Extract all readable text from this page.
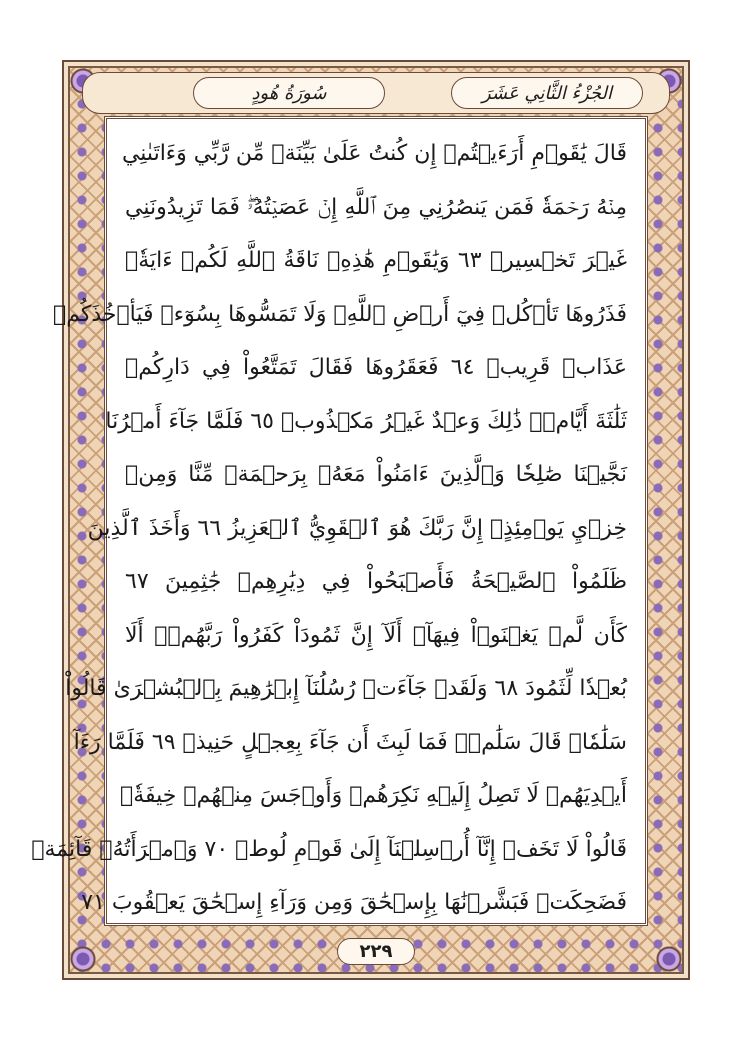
الجُزْءُ الثَّانِي عَشَرَ
سُورَةُ هُودٍ
قَالَ يَٰقَوۡمِ أَرَءَيۡتُمۡ إِن كُنتُ عَلَىٰ بَيِّنَةٖ مِّن رَّبِّي وَءَاتَىٰنِي
مِنۡهُ رَحۡمَةٗ فَمَن يَنصُرُنِي مِنَ ٱللَّهِ إِنۡ عَصَيۡتُهُۥۖ فَمَا تَزِيدُونَنِي
غَيۡرَ تَخۡسِيرٖ ٦٣ وَيَٰقَوۡمِ هَٰذِهِۦ نَاقَةُ ٱللَّهِ لَكُمۡ ءَايَةٗۖ
فَذَرُوهَا تَأۡكُلۡ فِيٓ أَرۡضِ ٱللَّهِۖ وَلَا تَمَسُّوهَا بِسُوٓءٖ فَيَأۡخُذَكُمۡ
عَذَابٞ قَرِيبٞ ٦٤ فَعَقَرُوهَا فَقَالَ تَمَتَّعُواْ فِي دَارِكُمۡ
ثَلَٰثَةَ أَيَّامٖۖ ذَٰلِكَ وَعۡدٌ غَيۡرُ مَكۡذُوبٖ ٦٥ فَلَمَّا جَآءَ أَمۡرُنَا
نَجَّيۡنَا صَٰلِحٗا وَٱلَّذِينَ ءَامَنُواْ مَعَهُۥ بِرَحۡمَةٖ مِّنَّا وَمِنۡ
خِزۡيِ يَوۡمِئِذٍۚ إِنَّ رَبَّكَ هُوَ ٱلۡقَوِيُّ ٱلۡعَزِيزُ ٦٦ وَأَخَذَ ٱلَّذِينَ
ظَلَمُواْ ٱلصَّيۡحَةُ فَأَصۡبَحُواْ فِي دِيَٰرِهِمۡ جَٰثِمِينَ ٦٧
كَأَن لَّمۡ يَغۡنَوۡاْ فِيهَآۗ أَلَآ إِنَّ ثَمُودَاْ كَفَرُواْ رَبَّهُمۡۗ أَلَا
بُعۡدٗا لِّثَمُودَ ٦٨ وَلَقَدۡ جَآءَتۡ رُسُلُنَآ إِبۡرَٰهِيمَ بِٱلۡبُشۡرَىٰ قَالُواْ
سَلَٰمٗاۖ قَالَ سَلَٰمٞۖ فَمَا لَبِثَ أَن جَآءَ بِعِجۡلٍ حَنِيذٖ ٦٩ فَلَمَّا رَءَآ
أَيۡدِيَهُمۡ لَا تَصِلُ إِلَيۡهِ نَكِرَهُمۡ وَأَوۡجَسَ مِنۡهُمۡ خِيفَةٗۚ
قَالُواْ لَا تَخَفۡ إِنَّآ أُرۡسِلۡنَآ إِلَىٰ قَوۡمِ لُوطٖ ٧٠ وَٱمۡرَأَتُهُۥ قَآئِمَةٞ
فَضَحِكَتۡ فَبَشَّرۡنَٰهَا بِإِسۡحَٰقَ وَمِن وَرَآءِ إِسۡحَٰقَ يَعۡقُوبَ ٧١
٢٢٩
